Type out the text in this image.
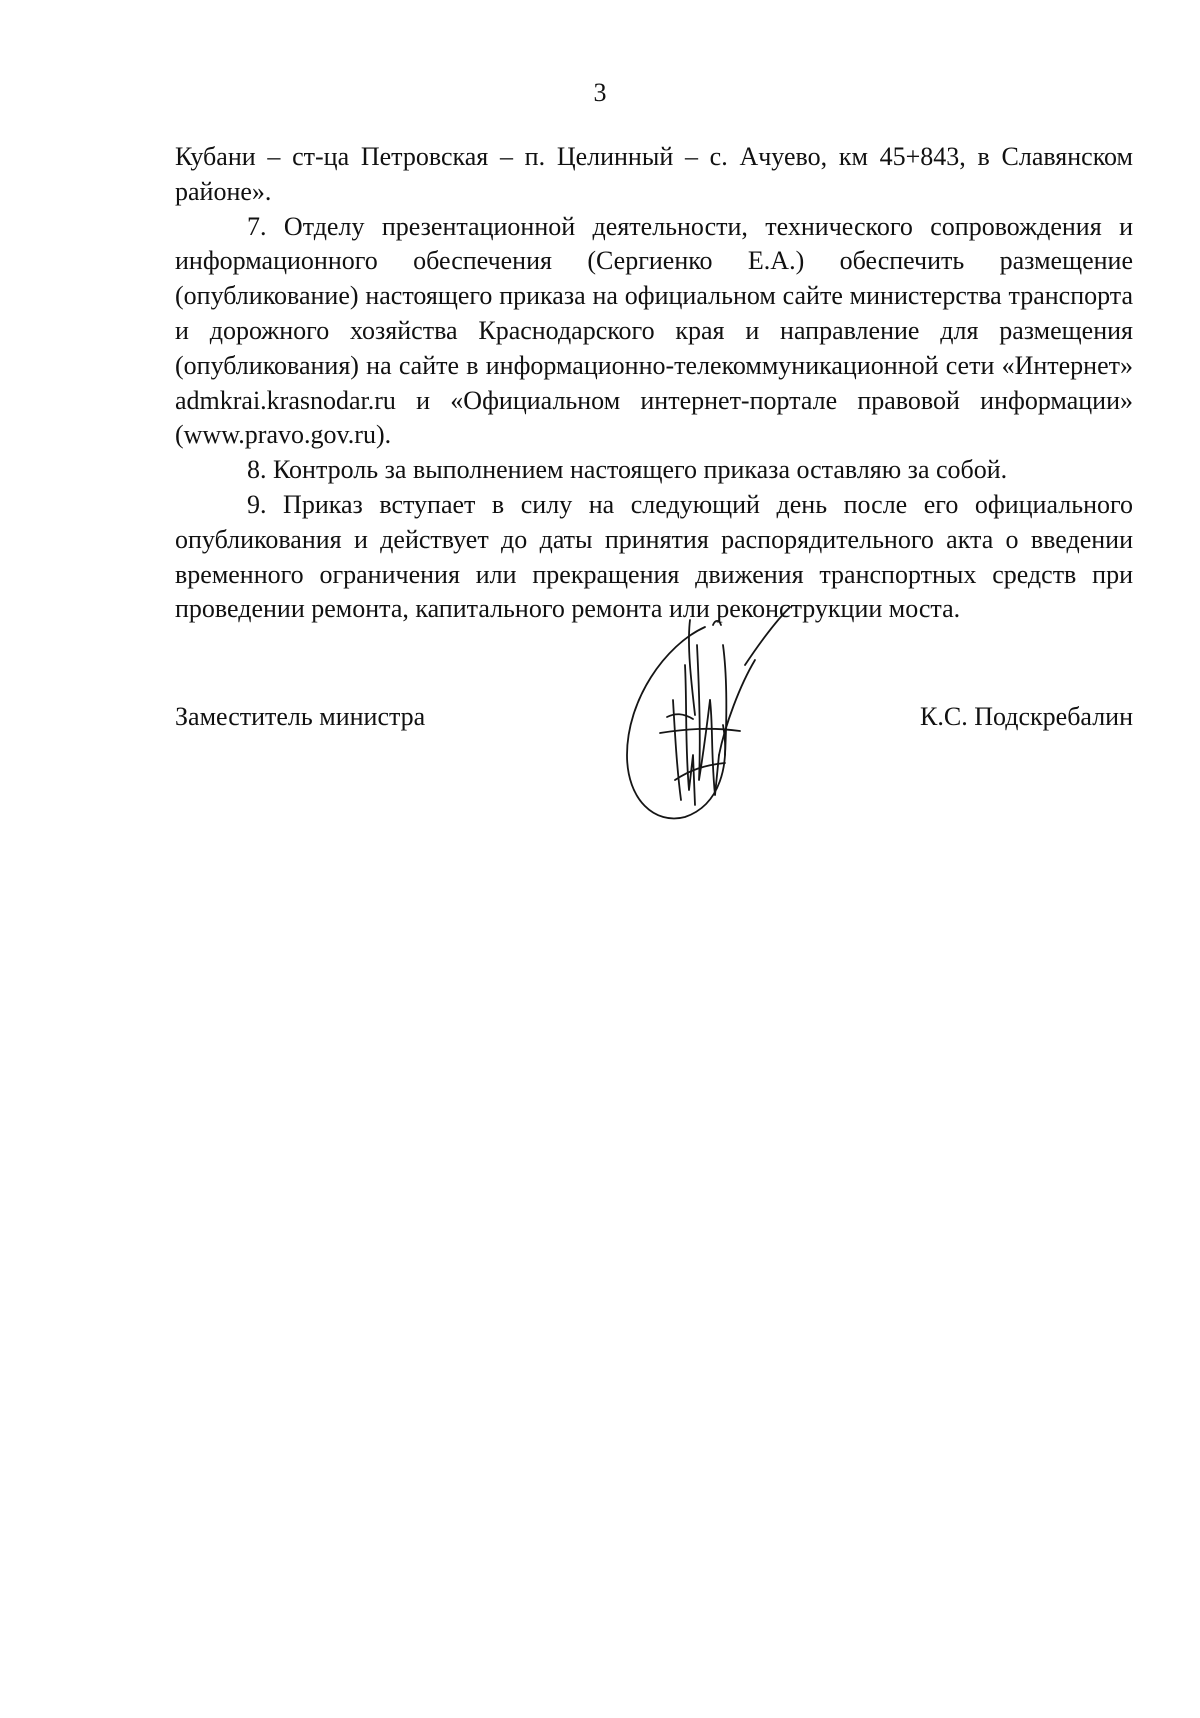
3

Кубани – ст-ца Петровская – п. Целинный – с. Ачуево, км 45+843, в Славянском районе».

7. Отделу презентационной деятельности, технического сопровождения и информационного обеспечения (Сергиенко Е.А.) обеспечить размещение (опубликование) настоящего приказа на официальном сайте министерства транспорта и дорожного хозяйства Краснодарского края и направление для размещения (опубликования) на сайте в информационно-телекоммуникационной сети «Интернет» admkrai.krasnodar.ru и «Официальном интернет-портале правовой информации» (www.pravo.gov.ru).

8. Контроль за выполнением настоящего приказа оставляю за собой.

9. Приказ вступает в силу на следующий день после его официального опубликования и действует до даты принятия распорядительного акта о введении временного ограничения или прекращения движения транспортных средств при проведении ремонта, капитального ремонта или реконструкции моста.

Заместитель министра	К.С. Подскребалин
